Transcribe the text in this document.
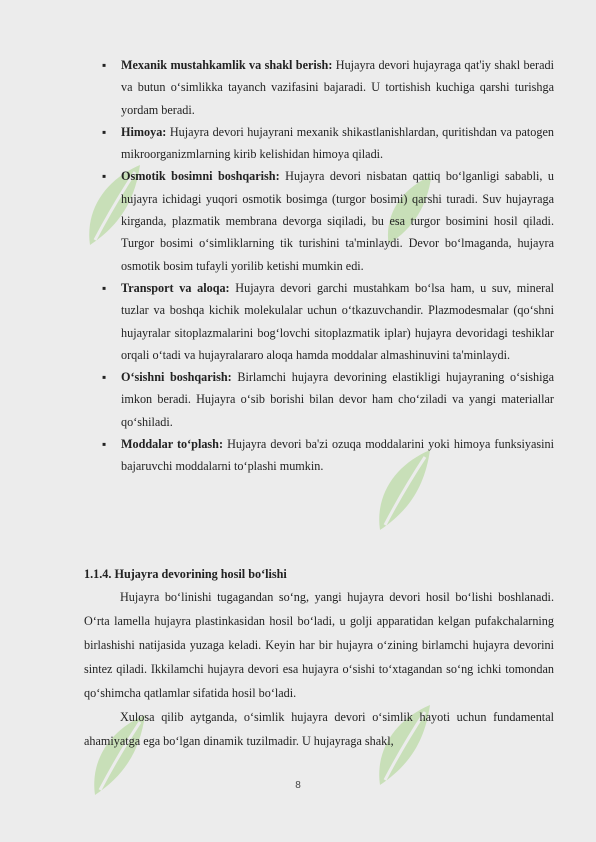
▪ Mexanik mustahkamlik va shakl berish: Hujayra devori hujayraga qat'iy shakl beradi va butun o‘simlikka tayanch vazifasini bajaradi. U tortishish kuchiga qarshi turishga yordam beradi.
▪ Himoya: Hujayra devori hujayrani mexanik shikastlanishlardan, quritishdan va patogen mikroorganizmlarning kirib kelishidan himoya qiladi.
▪ Osmotik bosimni boshqarish: Hujayra devori nisbatan qattiq bo‘lganligi sababli, u hujayra ichidagi yuqori osmotik bosimga (turgor bosimi) qarshi turadi. Suv hujayraga kirganda, plazmatik membrana devorga siqiladi, bu esa turgor bosimini hosil qiladi. Turgor bosimi o‘simliklarning tik turishini ta'minlaydi. Devor bo‘lmaganda, hujayra osmotik bosim tufayli yorilib ketishi mumkin edi.
▪ Transport va aloqa: Hujayra devori garchi mustahkam bo‘lsa ham, u suv, mineral tuzlar va boshqa kichik molekulalar uchun o‘tkazuvchandir. Plazmodesmalar (qo‘shni hujayralar sitoplazmalarini bog‘lovchi sitoplazmatik iplar) hujayra devoridagi teshiklar orqali o‘tadi va hujayralararo aloqa hamda moddalar almashinuvini ta'minlaydi.
▪ O‘sishni boshqarish: Birlamchi hujayra devorining elastikligi hujayraning o‘sishiga imkon beradi. Hujayra o‘sib borishi bilan devor ham cho‘ziladi va yangi materiallar qo‘shiladi.
▪ Moddalar to‘plash: Hujayra devori ba'zi ozuqa moddalarini yoki himoya funksiyasini bajaruvchi moddalarni to‘plashi mumkin.
1.1.4. Hujayra devorining hosil bo‘lishi

Hujayra bo‘linishi tugagandan so‘ng, yangi hujayra devori hosil bo‘lishi boshlanadi. O‘rta lamella hujayra plastinkasidan hosil bo‘ladi, u golji apparatidan kelgan pufakchalarning birlashishi natijasida yuzaga keladi. Keyin har bir hujayra o‘zining birlamchi hujayra devorini sintez qiladi. Ikkilamchi hujayra devori esa hujayra o‘sishi to‘xtagandan so‘ng ichki tomondan qo‘shimcha qatlamlar sifatida hosil bo‘ladi.

Xulosa qilib aytganda, o‘simlik hujayra devori o‘simlik hayoti uchun fundamental ahamiyatga ega bo‘lgan dinamik tuzilmadir. U hujayraga shakl,

8
